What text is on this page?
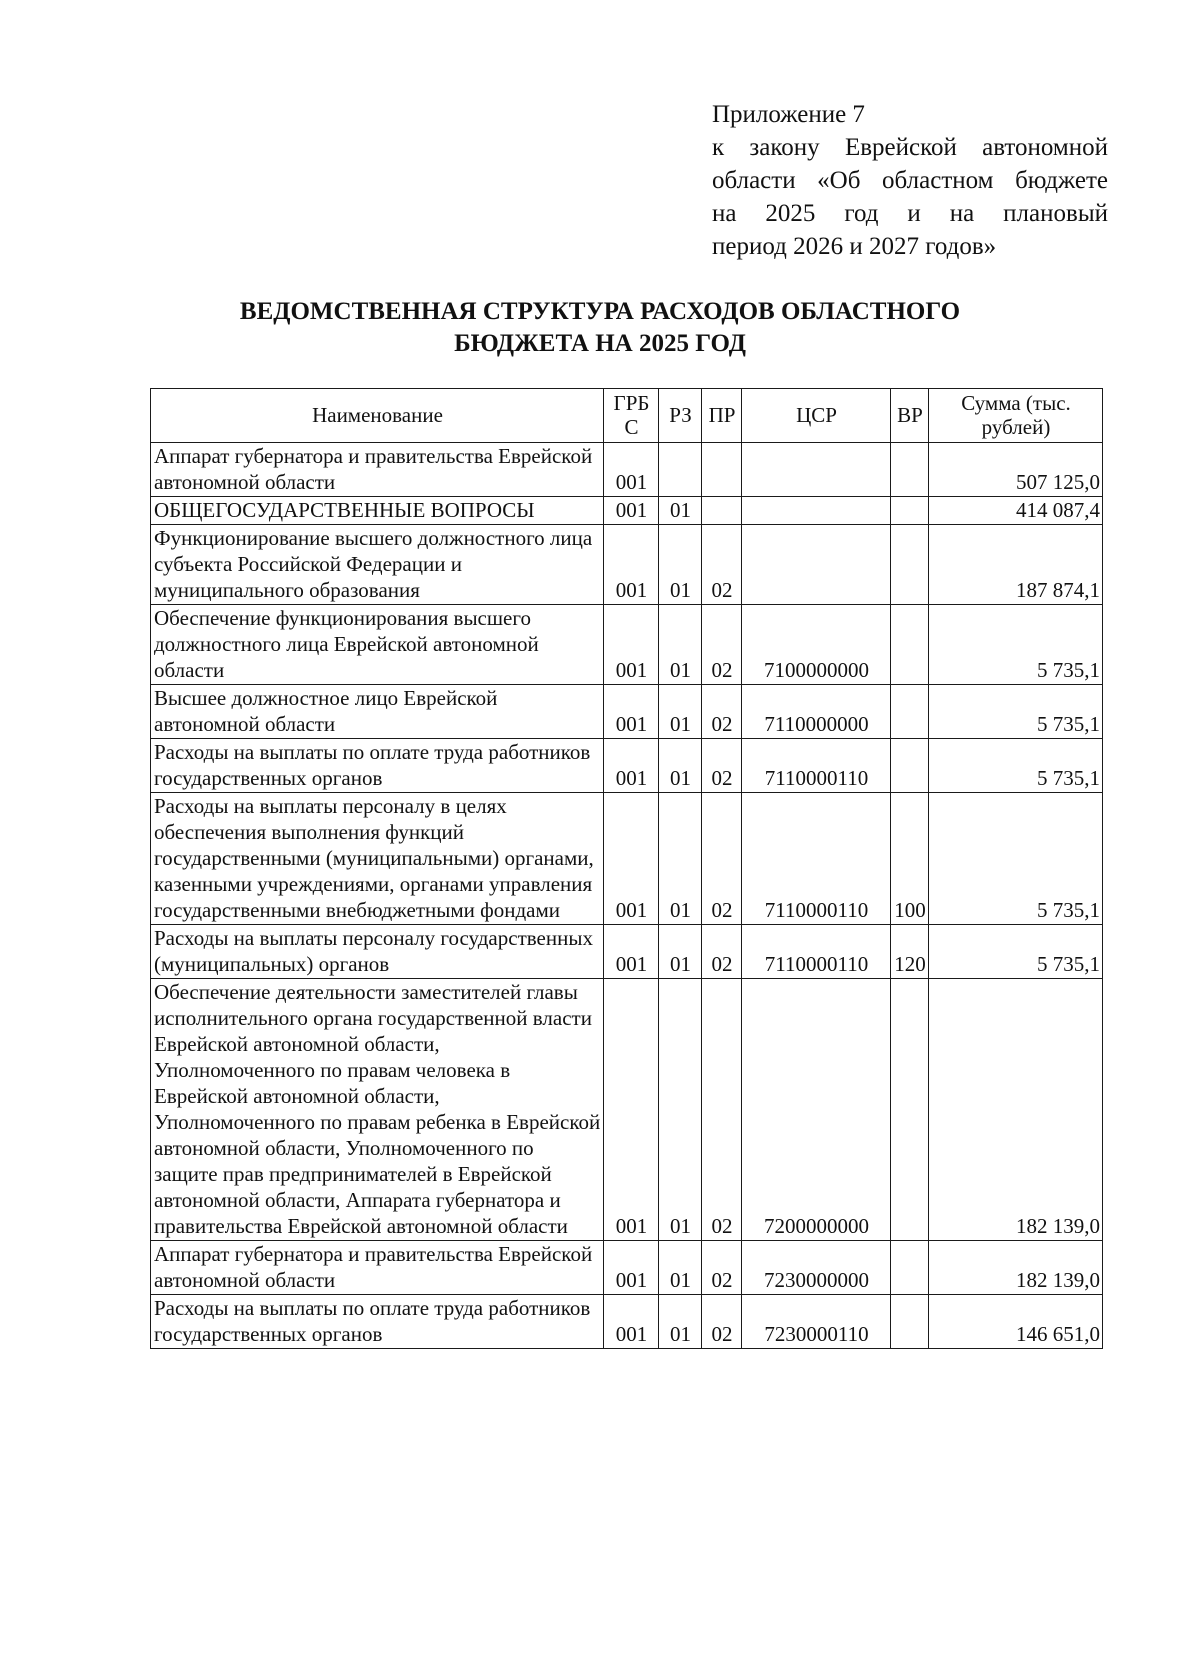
Приложение 7
к законy Еврейской автономной
области «Об областном бюджете
на 2025 год и на плановый
период 2026 и 2027 годов»
ВЕДОМСТВЕННАЯ СТРУКТУРА РАСХОДОВ ОБЛАСТНОГО
БЮДЖЕТА НА 2025 ГОД
Наименование	ГРБ С	РЗ	ПР	ЦСР	ВР	Сумма (тыс. рублей)
Аппарат губернатора и правительства Еврейской автономной области	001					507 125,0
ОБЩЕГОСУДАРСТВЕННЫЕ ВОПРОСЫ	001	01				414 087,4
Функционирование высшего должностного лица субъекта Российской Федерации и муниципального образования	001	01	02			187 874,1
Обеспечение функционирования высшего должностного лица Еврейской автономной области	001	01	02	7100000000		5 735,1
Высшее должностное лицо Еврейской автономной области	001	01	02	7110000000		5 735,1
Расходы на выплаты по оплате труда работников государственных органов	001	01	02	7110000110		5 735,1
Расходы на выплаты персоналу в целях обеспечения выполнения функций государственными (муниципальными) органами, казенными учреждениями, органами управления государственными внебюджетными фондами	001	01	02	7110000110	100	5 735,1
Расходы на выплаты персоналу государственных (муниципальных) органов	001	01	02	7110000110	120	5 735,1
Обеспечение деятельности заместителей главы исполнительного органа государственной власти Еврейской автономной области, Уполномоченного по правам человека в Еврейской автономной области, Уполномоченного по правам ребенка в Еврейской автономной области, Уполномоченного по защите прав предпринимателей в Еврейской автономной области, Аппарата губернатора и правительства Еврейской автономной области	001	01	02	7200000000		182 139,0
Аппарат губернатора и правительства Еврейской автономной области	001	01	02	7230000000		182 139,0
Расходы на выплаты по оплате труда работников государственных органов	001	01	02	7230000110		146 651,0
